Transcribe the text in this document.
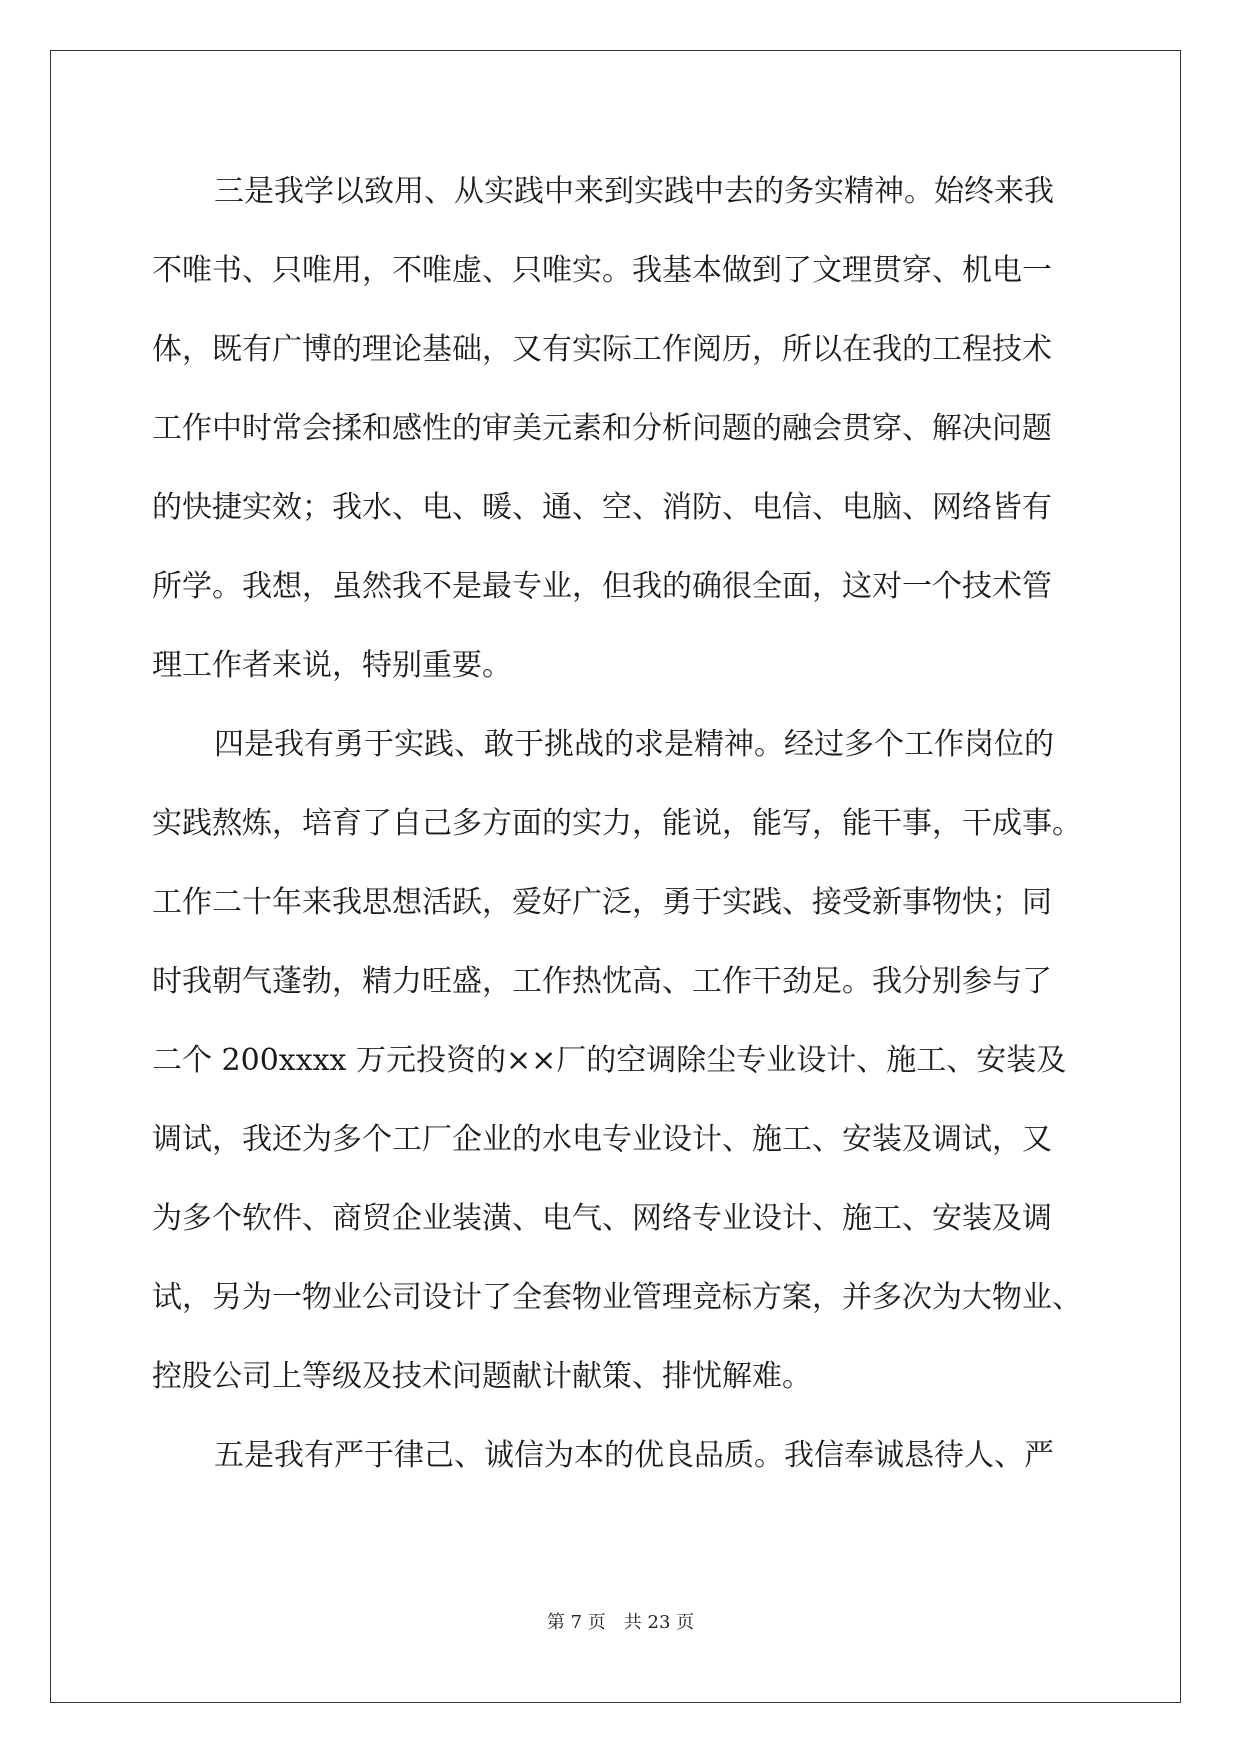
三是我学以致用、从实践中来到实践中去的务实精神。始终来我
不唯书、只唯用，不唯虚、只唯实。我基本做到了文理贯穿、机电一
体，既有广博的理论基础，又有实际工作阅历，所以在我的工程技术
工作中时常会揉和感性的审美元素和分析问题的融会贯穿、解决问题
的快捷实效；我水、电、暖、通、空、消防、电信、电脑、网络皆有
所学。我想，虽然我不是最专业，但我的确很全面，这对一个技术管
理工作者来说，特别重要。
四是我有勇于实践、敢于挑战的求是精神。经过多个工作岗位的
实践熬炼，培育了自己多方面的实力，能说，能写，能干事，干成事。
工作二十年来我思想活跃，爱好广泛，勇于实践、接受新事物快；同
时我朝气蓬勃，精力旺盛，工作热忱高、工作干劲足。我分别参与了
二个 200xxxx 万元投资的××厂的空调除尘专业设计、施工、安装及
调试，我还为多个工厂企业的水电专业设计、施工、安装及调试，又
为多个软件、商贸企业装潢、电气、网络专业设计、施工、安装及调
试，另为一物业公司设计了全套物业管理竞标方案，并多次为大物业、
控股公司上等级及技术问题献计献策、排忧解难。
五是我有严于律己、诚信为本的优良品质。我信奉诚恳待人、严
第 7 页 共 23 页
